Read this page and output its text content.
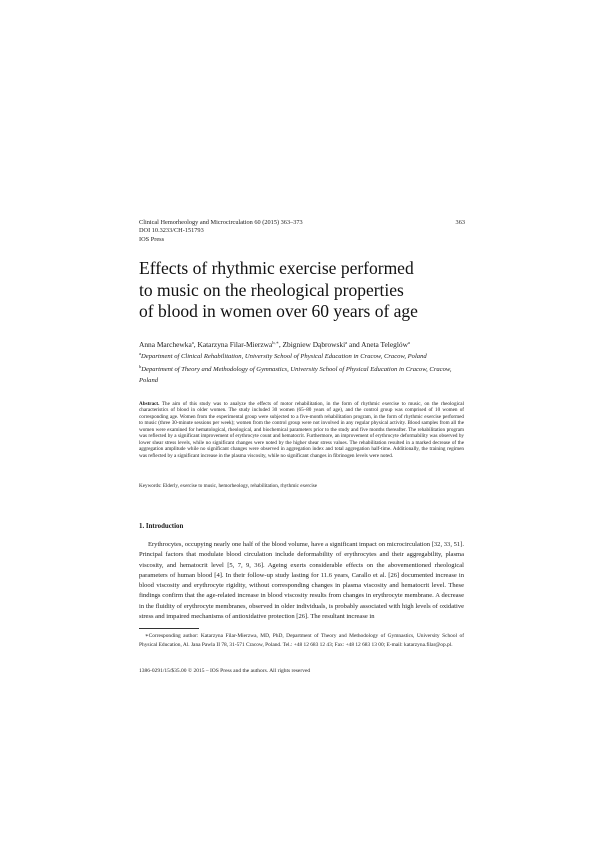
Clinical Hemorheology and Microcirculation 60 (2015) 363–373
DOI 10.3233/CH-151793
IOS Press
363
Effects of rhythmic exercise performed
to music on the rheological properties
of blood in women over 60 years of age
Anna Marchewka$^a$, Katarzyna Filar-Mierzwa$^{b,∗}$, Zbigniew Dąbrowski$^a$ and Aneta Teleglów$^a$

$^a$Department of Clinical Rehabilitation, University School of Physical Education in Cracow, Cracow, Poland

$^b$Department of Theory and Methodology of Gymnastics, University School of Physical Education in Cracow, Cracow, Poland

Abstract. The aim of this study was to analyze the effects of motor rehabilitation, in the form of rhythmic exercise to music, on the rheological characteristics of blood in older women. The study included 30 women (65–80 years of age), and the control group was comprised of 10 women of corresponding age. Women from the experimental group were subjected to a five-month rehabilitation program, in the form of rhythmic exercise performed to music (three 30-minute sessions per week); women from the control group were not involved in any regular physical activity. Blood samples from all the women were examined for hematological, rheological, and biochemical parameters prior to the study and five months thereafter. The rehabilitation program was reflected by a significant improvement of erythrocyte count and hematocrit. Furthermore, an improvement of erythrocyte deformability was observed by lower shear stress levels, while no significant changes were noted by the higher shear stress values. The rehabilitation resulted in a marked decrease of the aggregation amplitude while no significant changes were observed in aggregation index and total aggregation half-time. Additionally, the training regimen was reflected by a significant increase in the plasma viscosity, while no significant changes in fibrinogen levels were noted.
Keywords: Elderly, exercise to music, hemorheology, rehabilitation, rhythmic exercise
1. Introduction

Erythrocytes, occupying nearly one half of the blood volume, have a significant impact on microcirculation [32, 33, 51]. Principal factors that modulate blood circulation include deformability of erythrocytes and their aggregability, plasma viscosity, and hematocrit level [5, 7, 9, 36]. Ageing exerts considerable effects on the abovementioned rheological parameters of human blood [4]. In their follow-up study lasting for 11.6 years, Carallo et al. [26] documented increase in blood viscosity and erythrocyte rigidity, without corresponding changes in plasma viscosity and hematocrit level. These findings confirm that the age-related increase in blood viscosity results from changes in erythrocyte membrane. A decrease in the fluidity of erythrocyte membranes, observed in older individuals, is probably associated with high levels of oxidative stress and impaired mechanisms of antioxidative protection [26]. The resultant increase in

∗Corresponding author: Katarzyna Filar-Mierzwa, MD, PhD, Department of Theory and Methodology of Gymnastics, University School of Physical Education, Al. Jana Pawla II 78, 31-571 Cracow, Poland. Tel.: +48 12 683 12 43; Fax: +48 12 683 13 00; E-mail: katarzyna.filar@op.pl.

1386-0291/15/$35.00 © 2015 – IOS Press and the authors. All rights reserved
